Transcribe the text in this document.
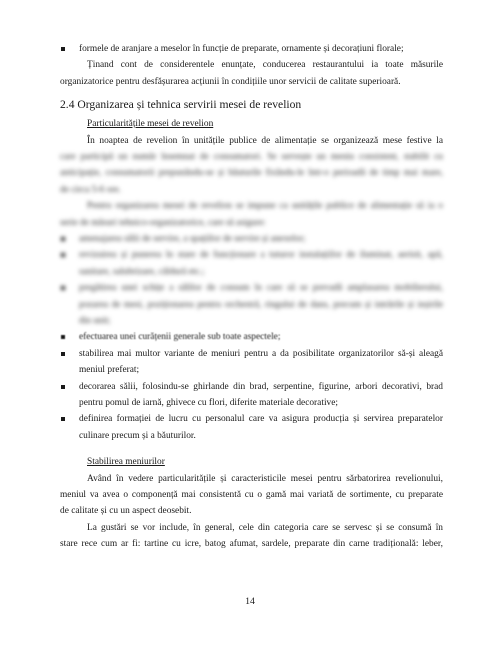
formele de aranjare a meselor în funcție de preparate, ornamente și decorațiuni florale;
Ținand cont de considerentele enunțate, conducerea restaurantului ia toate măsurile
organizatorice pentru desfășurarea acțiunii în condițiile unor servicii de calitate superioară.
2.4 Organizarea și tehnica servirii mesei de revelion
Particularitățile mesei de revelion
În noaptea de revelion în unitățile publice de alimentație se organizează mese festive la
care participă un număr însemnat de consumatori. Se servește un meniu consistent, stabilit cu
anticipație, consumatorii prepunându-se și băuturile fixându-le într-o perioadă de timp mai mare,
de circa 5-6 ore.
Pentru organizarea mesei de revelion se impune ca unitățile publice de alimentație să ia o
serie de măsuri tehnico-organizatorice, care să asigure:
amenajarea sălii de servire, a spațiilor de servire și anexelor;
revizuirea și punerea în stare de funcționare a tuturor instalațiilor de iluminat, aerisit, apă,
sanitare, salubrizare, căldură etc.;
pregătirea unei schițe a sălilor de consum în care să se prevadă amplasarea mobilierului,
pozarea de mesi, poziționarea pentru orchestră, ringului de dans, precum și intrările și ieșirile
din unit;
efectuarea unei curățenii generale sub toate aspectele;
stabilirea mai multor variante de meniuri pentru a da posibilitate organizatorilor să-și aleagă
meniul preferat;
decorarea sălii, folosindu-se ghirlande din brad, serpentine, figurine, arbori decorativi, brad
pentru pomul de iarnă, ghivece cu flori, diferite materiale decorative;
definirea formației de lucru cu personalul care va asigura producția și servirea preparatelor
culinare precum și a băuturilor.
Stabilirea meniurilor
Având în vedere particularitățile și caracteristicile mesei pentru sărbatorirea revelionului,
meniul va avea o componență mai consistentă cu o gamă mai variată de sortimente, cu preparate
de calitate și cu un aspect deosebit.
La gustări se vor include, în general, cele din categoria care se servesc și se consumă în
stare rece cum ar fi: tartine cu icre, batog afumat, sardele, preparate din carne tradițională: leber,
14
